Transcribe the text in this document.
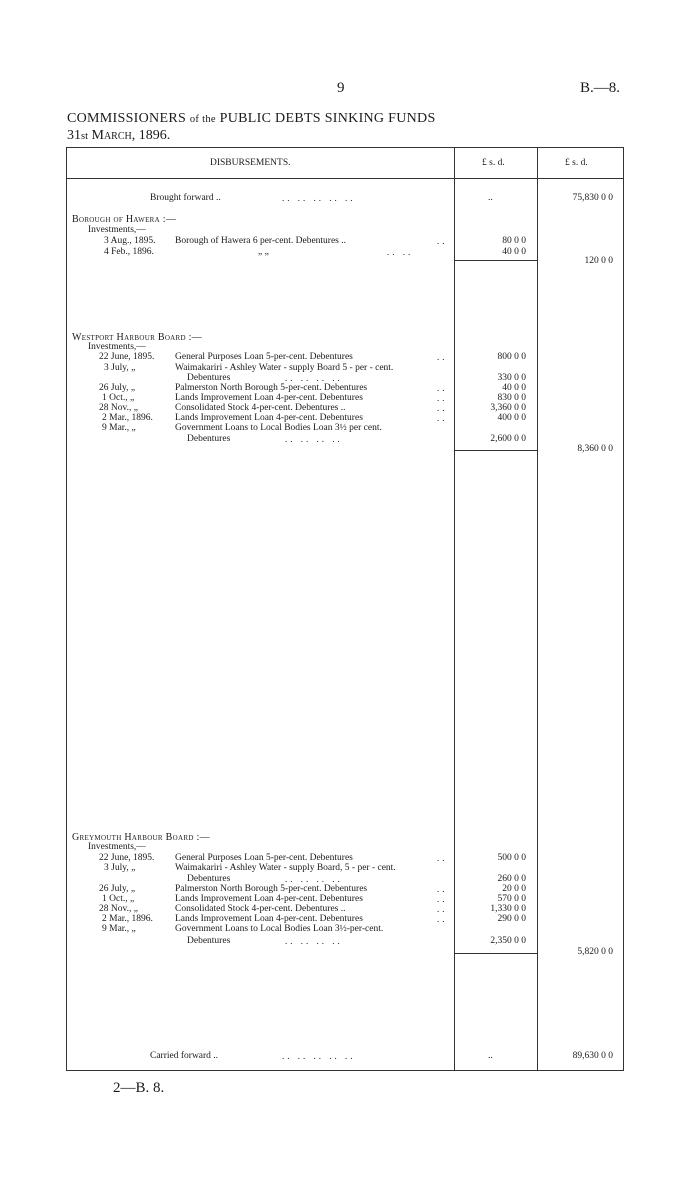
9	B.—8.
COMMISSIONERS of the PUBLIC DEBTS SINKING FUNDS
31st March, 1896.
DISBURSEMENTS.	£ s. d.	£ s. d.
Brought forward ..	.. .. .. .. ..	..	75,830 0 0
Borough of Hawera :—
Investments,—
3 Aug., 1895. Borough of Hawera 6 per-cent. Debentures ..	..	80 0 0
4 Feb., 1896.	„ „	.. ..	40 0 0
120 0 0
Westport Harbour Board :—
Investments,—
22 June, 1895. General Purposes Loan 5-per-cent. Debentures	..	800 0 0
3 July, „	Waimakariri - Ashley Water - supply Board 5 - per - cent.
Debentures	.. .. .. ..	330 0 0
26 July, „	Palmerston North Borough 5-per-cent. Debentures	..	40 0 0
1 Oct., „	Lands Improvement Loan 4-per-cent. Debentures	..	830 0 0
28 Nov., „	Consolidated Stock 4-per-cent. Debentures ..	..	3,360 0 0
2 Mar., 1896. Lands Improvement Loan 4-per-cent. Debentures	..	400 0 0
9 Mar., „	Government Loans to Local Bodies Loan 3½ per cent.
Debentures	.. .. .. ..	2,600 0 0
8,360 0 0
Greymouth Harbour Board :—
Investments,—
22 June, 1895. General Purposes Loan 5-per-cent. Debentures	..	500 0 0
3 July, „	Waimakariri - Ashley Water - supply Board, 5 - per - cent.
Debentures	.. .. .. ..	260 0 0
26 July, „	Palmerston North Borough 5-per-cent. Debentures	..	20 0 0
1 Oct., „	Lands Improvement Loan 4-per-cent. Debentures	..	570 0 0
28 Nov., „	Consolidated Stock 4-per-cent. Debentures ..	..	1,330 0 0
2 Mar., 1896. Lands Improvement Loan 4-per-cent. Debentures	..	290 0 0
9 Mar., „	Government Loans to Local Bodies Loan 3½-per-cent.
Debentures	.. .. .. ..	2,350 0 0
5,820 0 0
Carried forward ..	.. .. .. .. ..	..	89,630 0 0
2—B. 8.
